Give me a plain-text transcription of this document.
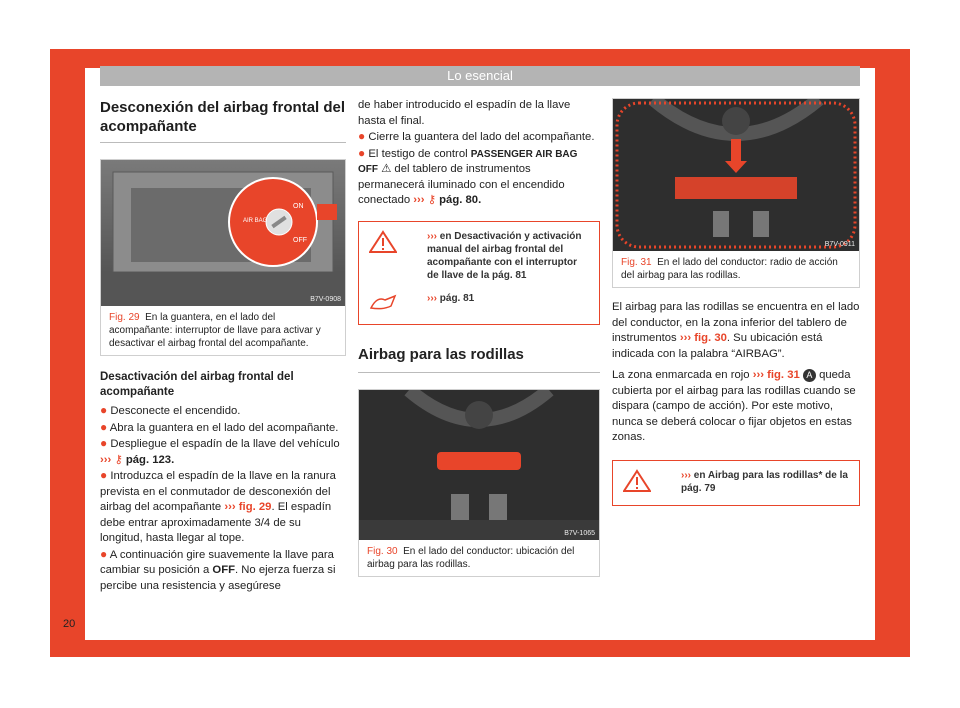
Lo esencial
Desconexión del airbag frontal del acompañante
AIR BAG
ON
OFF
B7V-0908
Fig. 29 En la guantera, en el lado del acompañante: interruptor de llave para activar y desactivar el airbag frontal del acompañante.
Desactivación del airbag frontal del acompañante

● Desconecte el encendido.

● Abra la guantera en el lado del acompañante.

● Despliegue el espadín de la llave del vehículo ››› ⚷ pág. 123.

● Introduzca el espadín de la llave en la ranura prevista en el conmutador de desconexión del airbag del acompañante ››› fig. 29. El espadín debe entrar aproximadamente 3/4 de su longitud, hasta llegar al tope.

● A continuación gire suavemente la llave para cambiar su posición a OFF. No ejerza fuerza si percibe una resistencia y asegúrese

de haber introducido el espadín de la llave hasta el final.

● Cierre la guantera del lado del acompañante.

● El testigo de control PASSENGER AIR BAG OFF ⚠ del tablero de instrumentos permanecerá iluminado con el encendido conectado ››› ⚷ pág. 80.

››› en Desactivación y activación manual del airbag frontal del acompañante con el interruptor de llave de la pág. 81
››› pág. 81
Airbag para las rodillas
B7V-1065
Fig. 30 En el lado del conductor: ubicación del airbag para las rodillas.
B7V-0911
Fig. 31 En el lado del conductor: radio de acción del airbag para las rodillas.

El airbag para las rodillas se encuentra en el lado del conductor, en la zona inferior del tablero de instrumentos ››› fig. 30. Su ubicación está indicada con la palabra “AIRBAG”.

La zona enmarcada en rojo ››› fig. 31 A queda cubierta por el airbag para las rodillas cuando se dispara (campo de acción). Por este motivo, nunca se deberá colocar o fijar objetos en estas zonas.

››› en Airbag para las rodillas* de la pág. 79
20
